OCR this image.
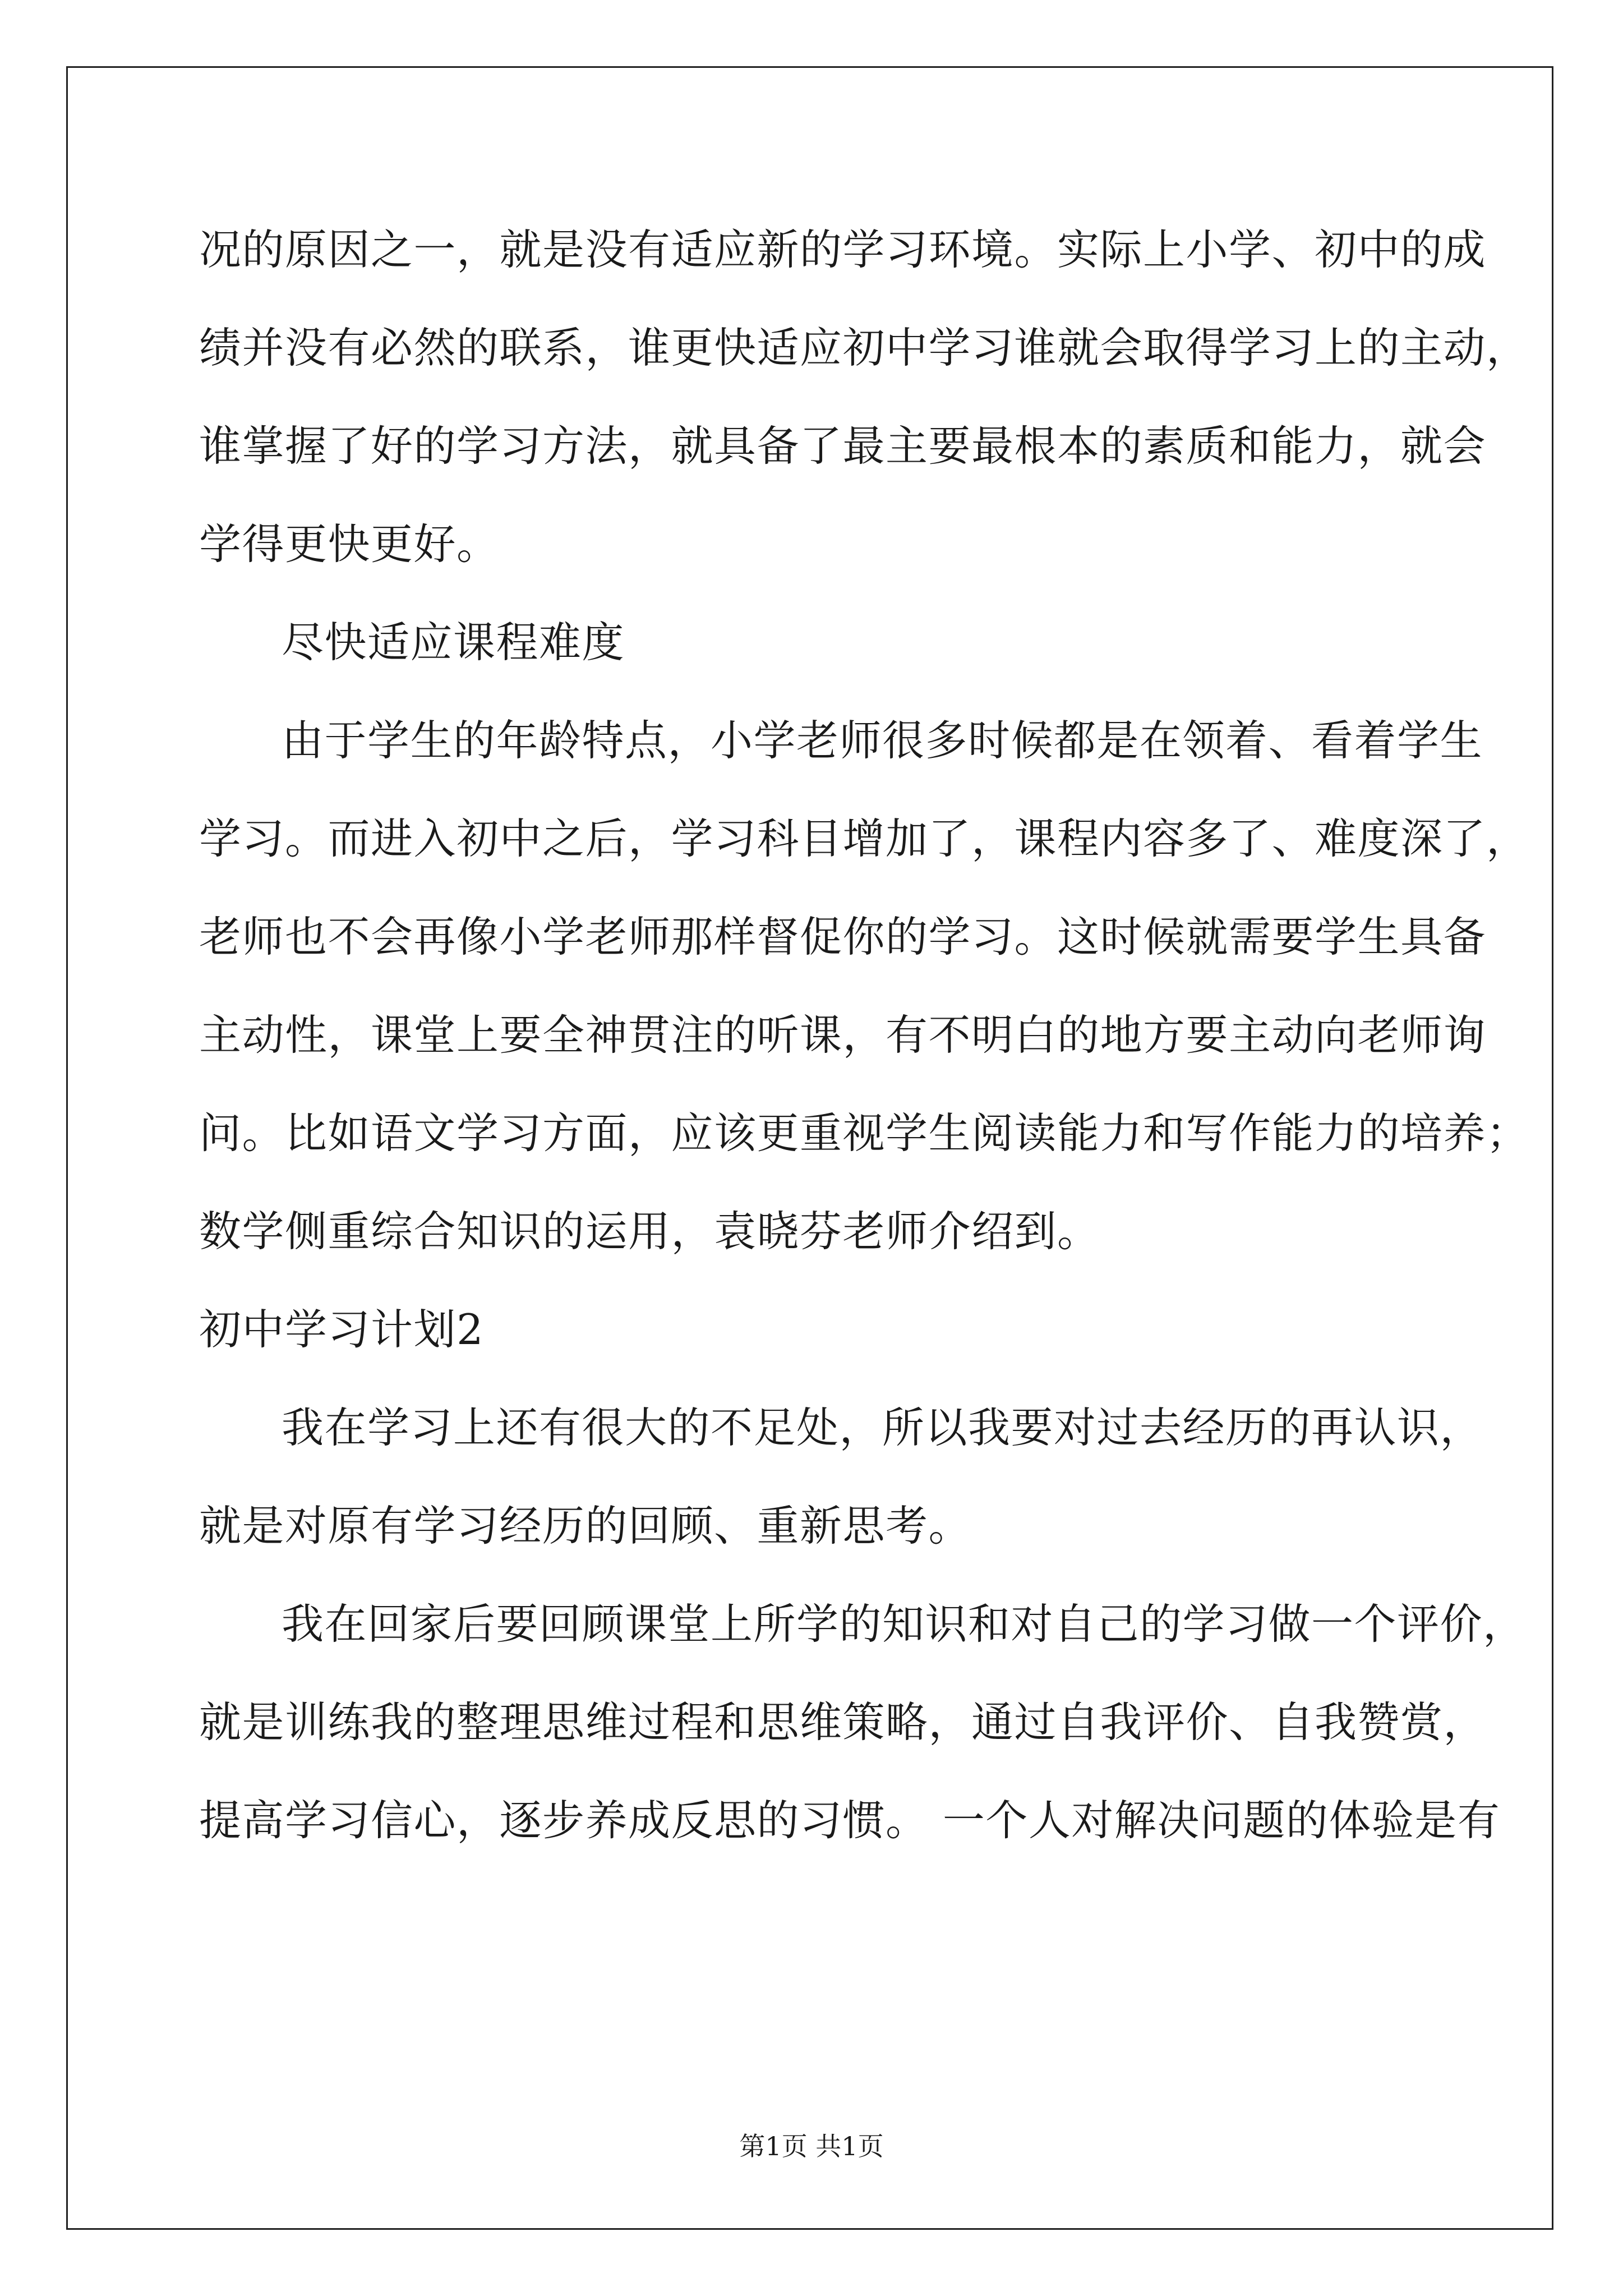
况的原因之一，就是没有适应新的学习环境。实际上小学、初中的成
绩并没有必然的联系，谁更快适应初中学习谁就会取得学习上的主动，
谁掌握了好的学习方法，就具备了最主要最根本的素质和能力，就会
学得更快更好。
尽快适应课程难度
由于学生的年龄特点，小学老师很多时候都是在领着、看着学生
学习。而进入初中之后，学习科目增加了，课程内容多了、难度深了，
老师也不会再像小学老师那样督促你的学习。这时候就需要学生具备
主动性，课堂上要全神贯注的听课，有不明白的地方要主动向老师询
问。比如语文学习方面，应该更重视学生阅读能力和写作能力的培养；
数学侧重综合知识的运用，袁晓芬老师介绍到。
初中学习计划2
我在学习上还有很大的不足处，所以我要对过去经历的再认识，
就是对原有学习经历的回顾、重新思考。
我在回家后要回顾课堂上所学的知识和对自己的学习做一个评价，
就是训练我的整理思维过程和思维策略，通过自我评价、自我赞赏，
提高学习信心，逐步养成反思的习惯。 一个人对解决问题的体验是有
第1页 共1页
